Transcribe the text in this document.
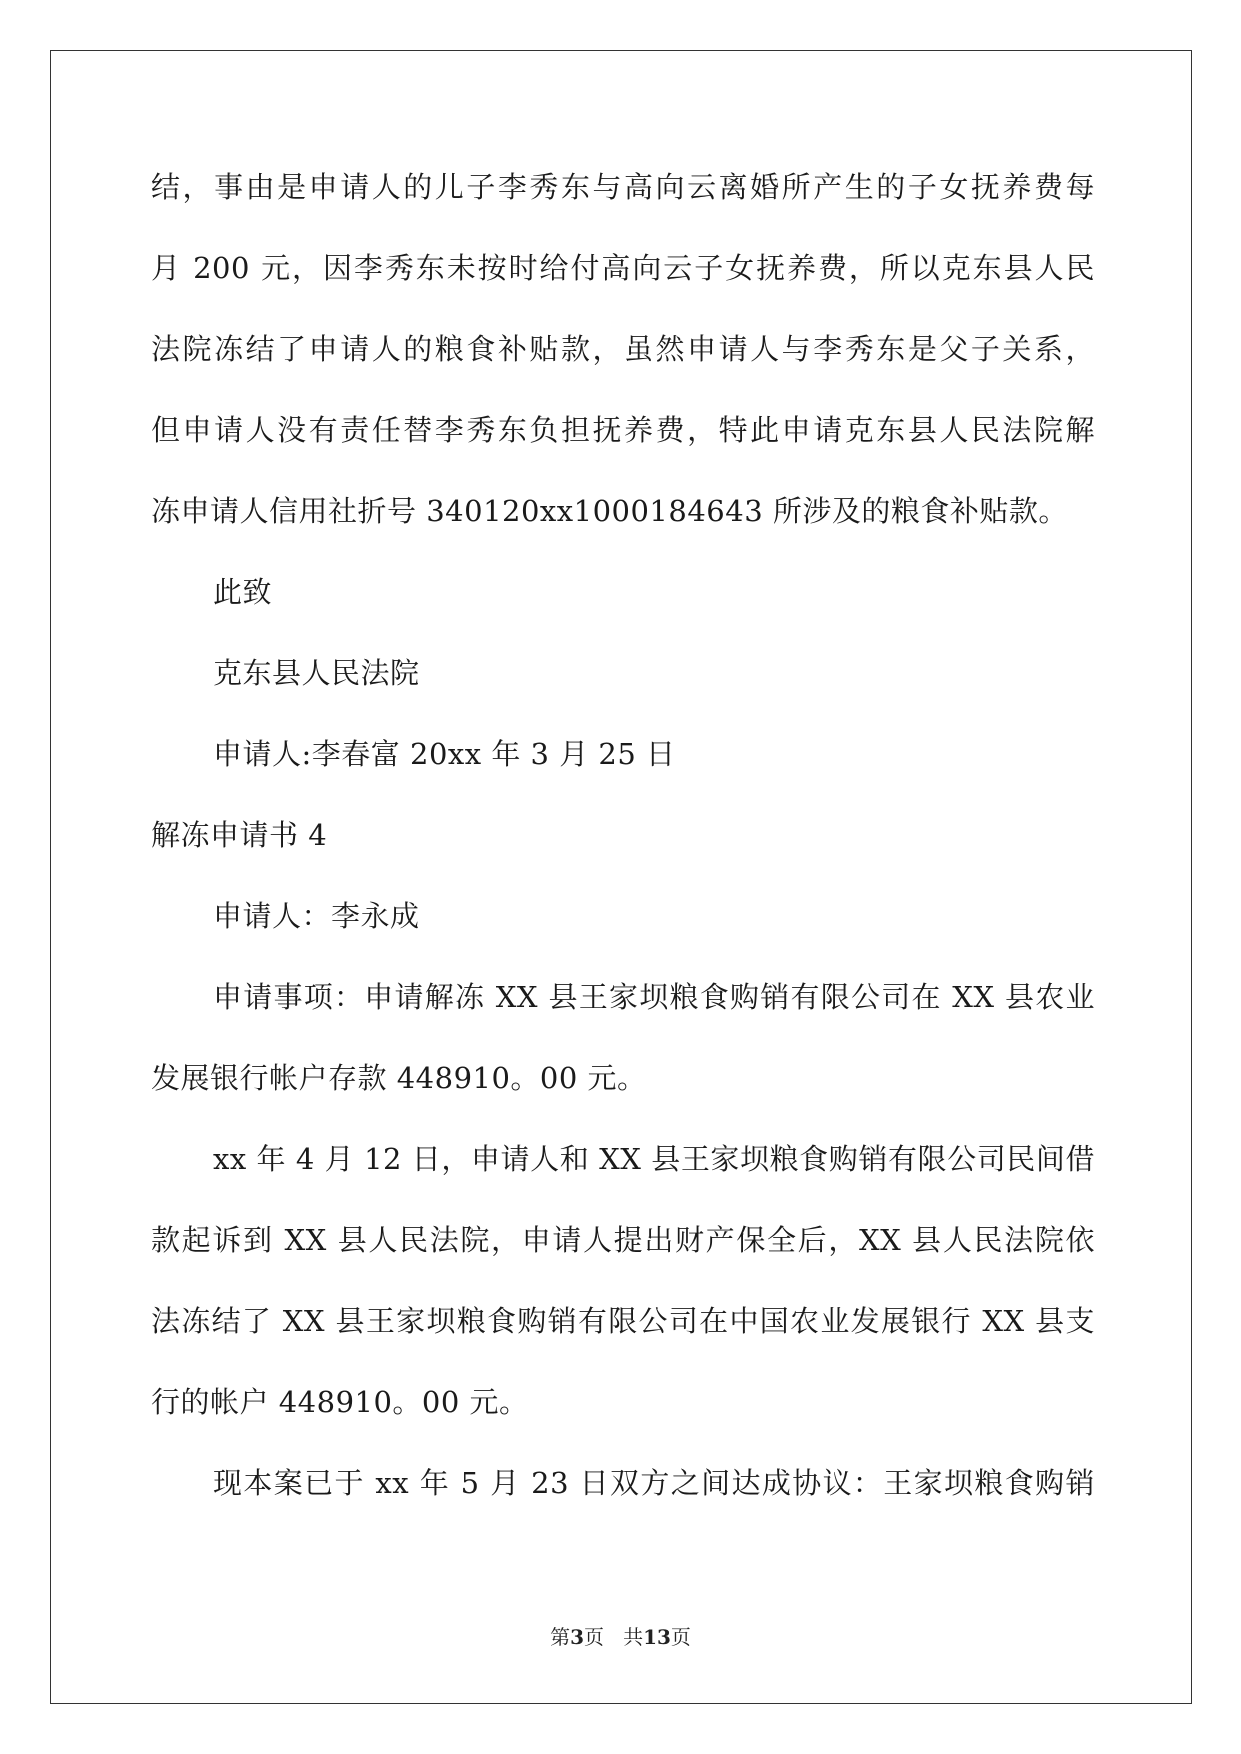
结，事由是申请人的儿子李秀东与高向云离婚所产生的子女抚养费每
月 200 元，因李秀东未按时给付高向云子女抚养费，所以克东县人民
法院冻结了申请人的粮食补贴款，虽然申请人与李秀东是父子关系，
但申请人没有责任替李秀东负担抚养费，特此申请克东县人民法院解
冻申请人信用社折号 340120xx1000184643 所涉及的粮食补贴款。
此致
克东县人民法院
申请人:李春富 20xx 年 3 月 25 日
解冻申请书 4
申请人：李永成
申请事项：申请解冻 XX 县王家坝粮食购销有限公司在 XX 县农业
发展银行帐户存款 448910。00 元。
xx 年 4 月 12 日，申请人和 XX 县王家坝粮食购销有限公司民间借
款起诉到 XX 县人民法院，申请人提出财产保全后，XX 县人民法院依
法冻结了 XX 县王家坝粮食购销有限公司在中国农业发展银行 XX 县支
行的帐户 448910。00 元。
现本案已于 xx 年 5 月 23 日双方之间达成协议：王家坝粮食购销
第3页 共13页
